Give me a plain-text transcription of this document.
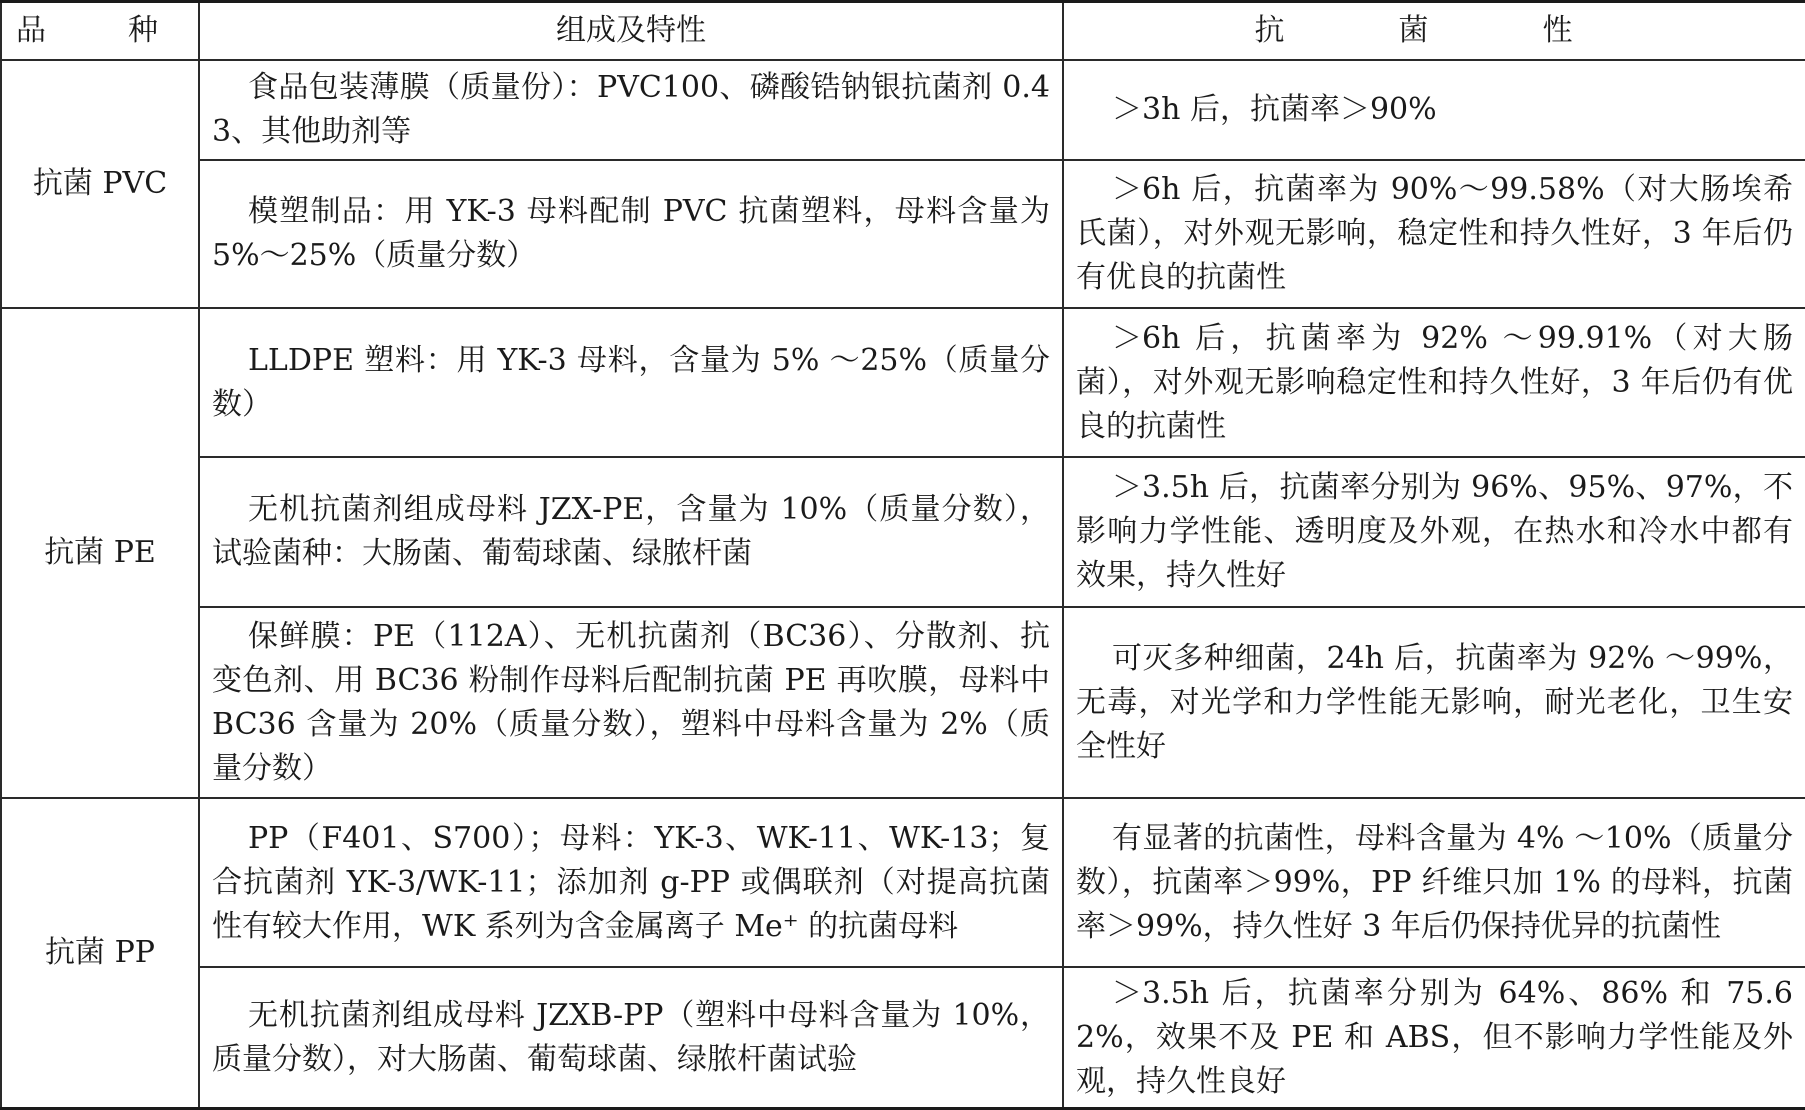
品　种	组成及特性	抗　菌　性
抗菌 PVC	食品包装薄膜（质量份）：PVC100、磷酸锆钠银抗菌剂 0.43、其他助剂等	＞3h 后，抗菌率＞90%
	模塑制品：用 YK-3 母料配制 PVC 抗菌塑料，母料含量为 5%～25%（质量分数）	＞6h 后，抗菌率为 90%～99.58%（对大肠埃希氏菌），对外观无影响，稳定性和持久性好，3 年后仍有优良的抗菌性
抗菌 PE	LLDPE 塑料：用 YK-3 母料，含量为 5% ～25%（质量分数）	＞6h 后，抗菌率为 92% ～99.91%（对大肠菌），对外观无影响稳定性和持久性好，3 年后仍有优良的抗菌性
	无机抗菌剂组成母料 JZX-PE，含量为 10%（质量分数），试验菌种：大肠菌、葡萄球菌、绿脓杆菌	＞3.5h 后，抗菌率分别为 96%、95%、97%，不影响力学性能、透明度及外观，在热水和冷水中都有效果，持久性好
	保鲜膜：PE（112A）、无机抗菌剂（BC36）、分散剂、抗变色剂、用 BC36 粉制作母料后配制抗菌 PE 再吹膜，母料中 BC36 含量为 20%（质量分数），塑料中母料含量为 2%（质量分数）	可灭多种细菌，24h 后，抗菌率为 92% ～99%，无毒，对光学和力学性能无影响，耐光老化，卫生安全性好
抗菌 PP	PP（F401、S700）；母料：YK-3、WK-11、WK-13；复合抗菌剂 YK-3/WK-11；添加剂 g-PP 或偶联剂（对提高抗菌性有较大作用，WK 系列为含金属离子 Me⁺ 的抗菌母料	有显著的抗菌性，母料含量为 4% ～10%（质量分数），抗菌率＞99%，PP 纤维只加 1% 的母料，抗菌率＞99%，持久性好 3 年后仍保持优异的抗菌性
	无机抗菌剂组成母料 JZXB-PP（塑料中母料含量为 10%，质量分数），对大肠菌、葡萄球菌、绿脓杆菌试验	＞3.5h 后，抗菌率分别为 64%、86% 和 75.62%，效果不及 PE 和 ABS，但不影响力学性能及外观，持久性良好
